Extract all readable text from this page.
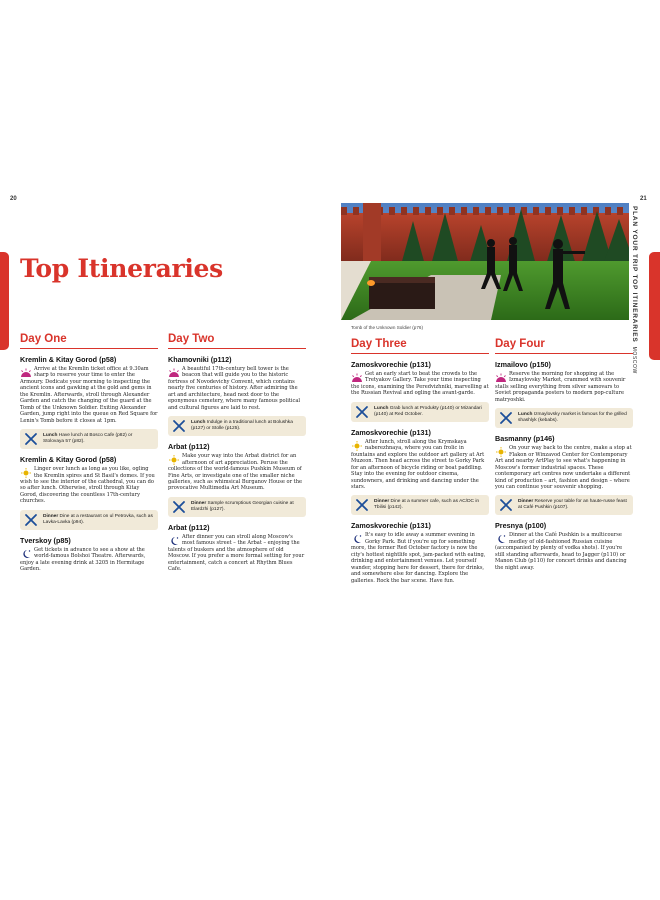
20	21
PLAN YOUR TRIP TOP ITINERARIES  MOSCOW
Top Itineraries
Tomb of the Unknown Soldier (p76)
Day One
Kremlin & Kitay Gorod (p58)

Arrive at the Kremlin ticket office at 9.30am sharp to reserve your time to enter the Armoury. Dedicate your morning to inspecting the ancient icons and gawking at the gold and gems in the Kremlin. Afterwards, stroll through Alexander Garden and catch the changing of the guard at the Tomb of the Unknown Soldier. Exiting Alexander Garden, jump right into the queue on Red Square for Lenin's Tomb before it closes at 1pm.

Lunch Have lunch at Bosco Cafe (p82) or Stolovaya 57 (p82).
Kremlin & Kitay Gorod (p58)

Linger over lunch as long as you like, ogling the Kremlin spires and St Basil's domes. If you wish to see the interior of the cathedral, you can do so after lunch. Otherwise, stroll through Kitay Gorod, discovering the countless 17th-century churches.

Dinner Dine at a restaurant on ul Petrovka, such as Lavka-Lavka (p94).
Tverskoy (p85)

Get tickets in advance to see a show at the world-famous Bolshoi Theatre. Afterwards, enjoy a late evening drink at 3205 in Hermitage Garden.

Day Two
Khamovniki (p112)

A beautiful 17th-century bell tower is the beacon that will guide you to the historic fortress of Novodevichy Convent, which contains nearly five centuries of history. After admiring the art and architecture, head next door to the eponymous cemetery, where many famous political and cultural figures are laid to rest.

Lunch Indulge in a traditional lunch at Bolushka (p127) or Stolle (p125).
Arbat (p112)

Make your way into the Arbat district for an afternoon of art appreciation. Peruse the collections of the world-famous Pushkin Museum of Fine Arts, or investigate one of the smaller niche galleries, such as whimsical Burganov House or the provocative Multimedia Art Museum.

Dinner Sample scrumptious Georgian cuisine at Elardzhi (p127).
Arbat (p112)

After dinner you can stroll along Moscow's most famous street – the Arbat – enjoying the talents of buskers and the atmosphere of old Moscow. If you prefer a more formal setting for your entertainment, catch a concert at Rhythm Blues Cafe.

Day Three
Zamoskvorechie (p131)

Get an early start to beat the crowds to the Tretyakov Gallery. Take your time inspecting the icons, examining the Peredvizhniki, marvelling at the Russian Revival and ogling the avant-garde.

Lunch Grab lunch at Produkty (p140) or Mizandari (p140) at Red October.
Zamoskvorechie (p131)

After lunch, stroll along the Krymskaya naberezhnaya, where you can frolic in fountains and explore the outdoor art gallery at Art Muzeon. Then head across the street to Gorky Park for an afternoon of bicycle riding or boat paddling. Stay into the evening for outdoor cinema, sundowners, and drinking and dancing under the stars.

Dinner Dine at a summer cafe, such as AC/DC in Tbilisi (p142).
Zamoskvorechie (p131)

It's easy to idle away a summer evening in Gorky Park. But if you're up for something more, the former Red October factory is now the city's hottest nightlife spot, jam-packed with eating, drinking and entertainment venues. Let yourself wander, stopping here for dessert, there for drinks, and somewhere else for dancing. Explore the galleries. Rock the bar scene. Have fun.

Day Four
Izmailovo (p150)

Reserve the morning for shopping at the Izmaylovsky Market, crammed with souvenir stalls selling everything from silver samovars to Soviet propaganda posters to modern pop-culture matryoshki.

Lunch Izmaylovsky market is famous for the grilled shashlyk (kebabs).
Basmanny (p146)

On your way back to the centre, make a stop at Flakon or Winzavod Center for Contemporary Art and nearby ArtPlay to see what's happening in Moscow's former industrial spaces. These contemporary art centres now undertake a different kind of production – art, fashion and design – where you can continue your souvenir shopping.

Dinner Reserve your table for an haute-russe feast at Café Pushkin (p107).
Presnya (p100)

Dinner at the Café Pushkin is a multicourse medley of old-fashioned Russian cuisine (accompanied by plenty of vodka shots). If you're still standing afterwards, head to Jagger (p110) or Manon Club (p110) for concert drinks and dancing the night away.
